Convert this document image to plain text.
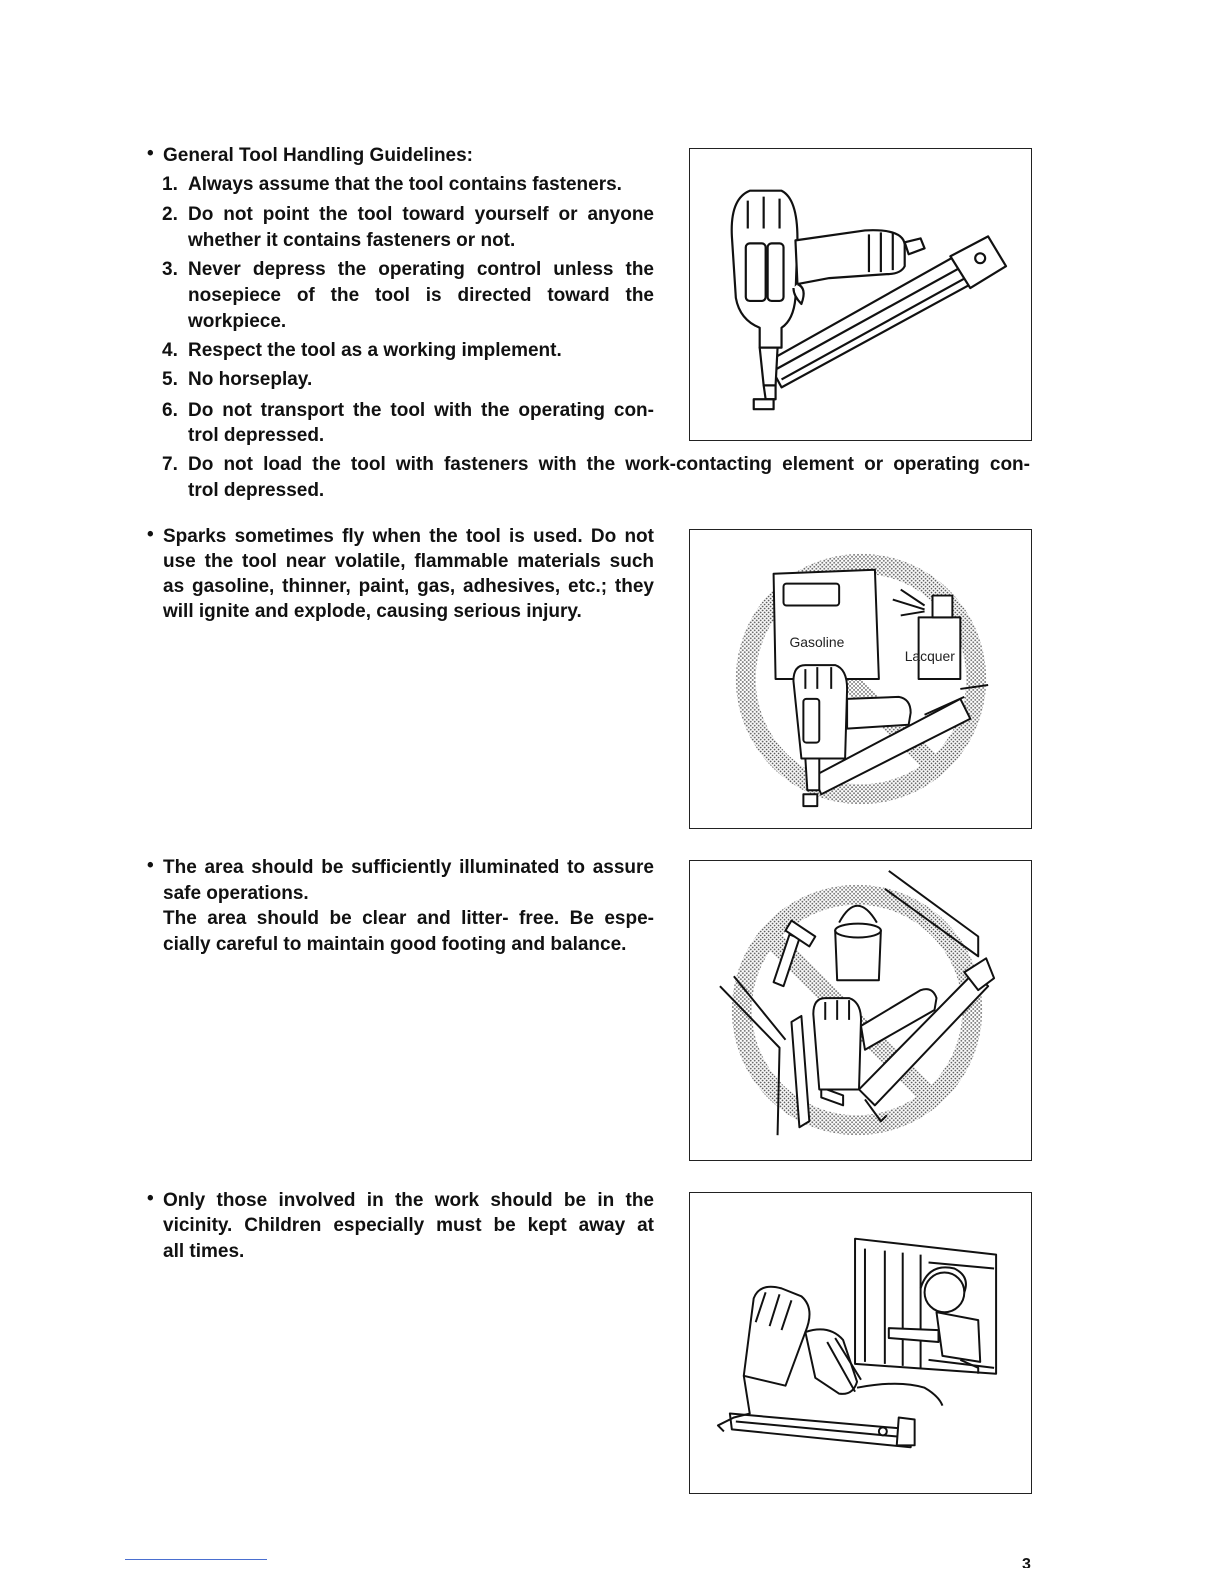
• General Tool Handling Guidelines:
1. Always assume that the tool contains fasteners.
2. Do not point the tool toward yourself or anyone
whether it contains fasteners or not.
3. Never depress the operating control unless the
nosepiece of the tool is directed toward the
workpiece.
4. Respect the tool as a working implement.
5. No horseplay.
6. Do not transport the tool with the operating con-
trol depressed.
7. Do not load the tool with fasteners with the work-contacting element or operating con-
trol depressed.
• Sparks sometimes fly when the tool is used. Do not
use the tool near volatile, flammable materials such
as gasoline, thinner, paint, gas, adhesives, etc.; they
will ignite and explode, causing serious injury.
Gasoline
Lacquer
• The area should be sufficiently illuminated to assure
safe operations.
The area should be clear and litter- free. Be espe-
cially careful to maintain good footing and balance.
• Only those involved in the work should be in the
vicinity. Children especially must be kept away at
all times.
3
